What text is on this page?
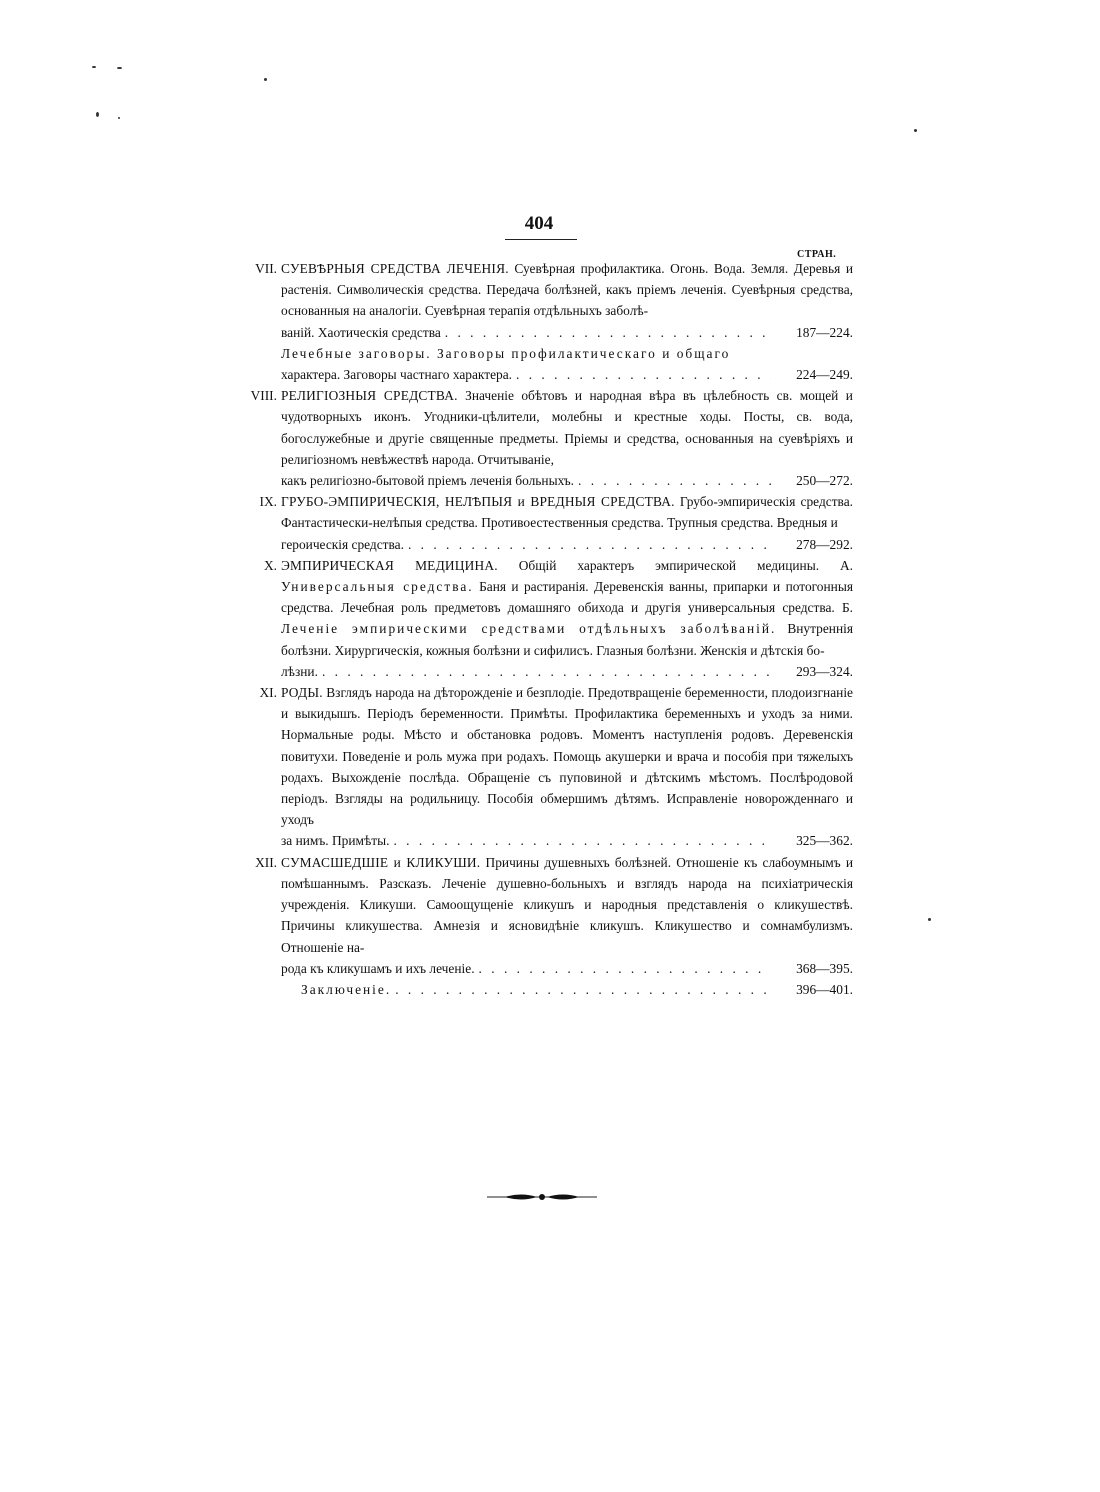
404
СТРАН.
VII. СУЕВѢРНЫЯ СРЕДСТВА ЛЕЧЕНІЯ. Суевѣрная профилактика. Огонь. Вода. Земля. Деревья и растенія. Символическія средства. Передача болѣзней, какъ пріемъ леченія. Суевѣрныя средства, основанныя на аналогіи. Суевѣрная терапія отдѣльныхъ заболѣ-
ваній. Хаотическія средства . . .	187—224.
Лечебные заговоры. Заговоры профилактическаго и общаго
характера. Заговоры частнаго характера. . . .	224—249.
VIII. РЕЛИГІОЗНЫЯ СРЕДСТВА. Значеніе обѣтовъ и народная вѣра въ цѣлебность св. мощей и чудотворныхъ иконъ. Угодники-цѣлители, молебны и крестные ходы. Посты, св. вода, богослужебные и другіе священные предметы. Пріемы и средства, основанныя на суевѣріяхъ и религіозномъ невѣжествѣ народа. Отчитываніе,
какъ религіозно-бытовой пріемъ леченія больныхъ. . . .	250—272.
IX. ГРУБО-ЭМПИРИЧЕСКІЯ, НЕЛѢПЫЯ и ВРЕДНЫЯ СРЕДСТВА. Грубо-эмпирическія средства. Фантастически-нелѣпыя средства. Противоестественныя средства. Трупныя средства. Вредныя и
героическія средства. . . .	278—292.
X. ЭМПИРИЧЕСКАЯ МЕДИЦИНА. Общій характеръ эмпирической медицины. А. Универсальныя средства. Баня и растиранія. Деревенскія ванны, припарки и потогонныя средства. Лечебная роль предметовъ домашняго обихода и другія универсальныя средства. Б. Леченіе эмпирическими средствами отдѣльныхъ заболѣваній. Внутреннія болѣзни. Хирургическія, кожныя болѣзни и сифилисъ. Глазныя болѣзни. Женскія и дѣтскія бо-
лѣзни. . . .	293—324.
XI. РОДЫ. Взглядъ народа на дѣторожденіе и безплодіе. Предотвращеніе беременности, плодоизгнаніе и выкидышъ. Періодъ беременности. Примѣты. Профилактика беременныхъ и уходъ за ними. Нормальные роды. Мѣсто и обстановка родовъ. Моментъ наступленія родовъ. Деревенскія повитухи. Поведеніе и роль мужа при родахъ. Помощь акушерки и врача и пособія при тяжелыхъ родахъ. Выхожденіе послѣда. Обращеніе съ пуповиной и дѣтскимъ мѣстомъ. Послѣродовой періодъ. Взгляды на родильницу. Пособія обмершимъ дѣтямъ. Исправленіе новорожденнаго и уходъ
за нимъ. Примѣты. . . .	325—362.
XII. СУМАСШЕДШІЕ и КЛИКУШИ. Причины душевныхъ болѣзней. Отношеніе къ слабоумнымъ и помѣшаннымъ. Разсказъ. Леченіе душевно-больныхъ и взглядъ народа на психіатрическія учрежденія. Кликуши. Самоощущеніе кликушъ и народныя представленія о кликушествѣ. Причины кликушества. Амнезія и ясновидѣніе кликушъ. Кликушество и сомнамбулизмъ. Отношеніе на-
рода къ кликушамъ и ихъ леченіе. . . .	368—395.
Заключеніе. . . .	396—401.
